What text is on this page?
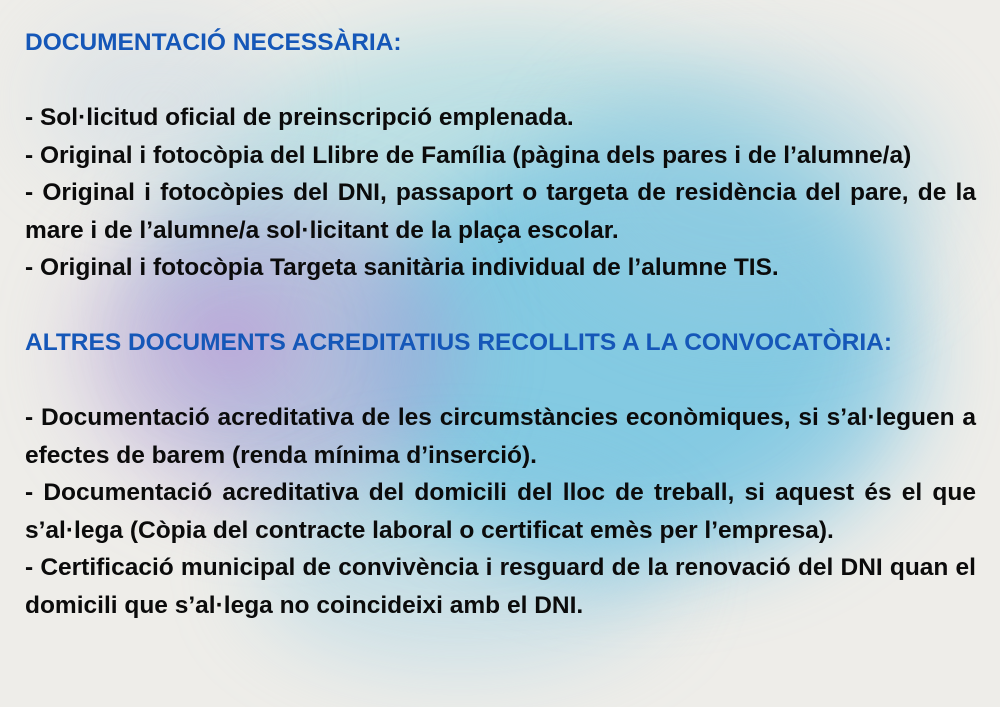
DOCUMENTACIÓ NECESSÀRIA:

- Sol·licitud oficial de preinscripció emplenada.

- Original i fotocòpia del Llibre de Família (pàgina dels pares i de l’alumne/a)

- Original i fotocòpies del DNI, passaport o targeta de residència del pare, de la mare i de l’alumne/a sol·licitant de la plaça escolar.

- Original i fotocòpia Targeta sanitària individual de l’alumne TIS.

ALTRES DOCUMENTS ACREDITATIUS RECOLLITS A LA CONVOCATÒRIA:

- Documentació acreditativa de les circumstàncies econòmiques, si s’al·leguen a efectes de barem (renda mínima d’inserció).

- Documentació acreditativa del domicili del lloc de treball, si aquest és el que s’al·lega (Còpia del contracte laboral o certificat emès per l’empresa).

- Certificació municipal de convivència i resguard de la renovació del DNI quan el domicili que s’al·lega no coincideixi amb el DNI.
